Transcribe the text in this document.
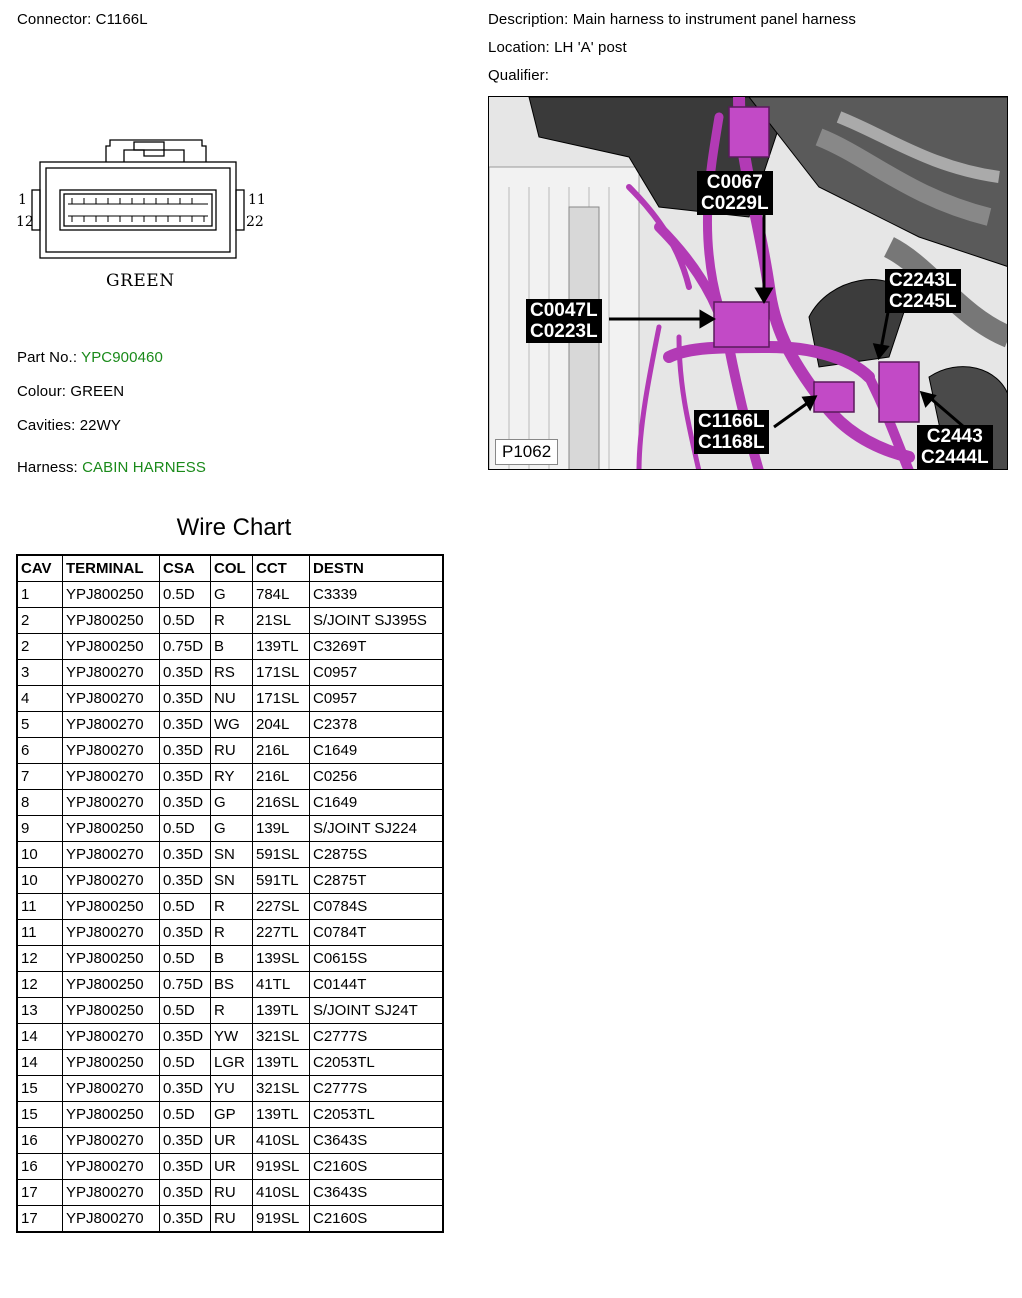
Connector: C1166L	Description: Main harness to instrument panel harness
Location: LH 'A' post
Qualifier:
1
12
11
22
GREEN
Part No.: YPC900460
Colour: GREEN
Cavities: 22WY
Harness: CABIN HARNESS
C0067
C0229L
C0047L
C0223L
C2243L
C2245L
C1166L
C1168L	C2443
C2444L
P1062
Wire Chart
CAV	TERMINAL	CSA	COL	CCT	DESTN
1	YPJ800250	0.5D	G	784L	C3339
2	YPJ800250	0.5D	R	21SL	S/JOINT SJ395S
2	YPJ800250	0.75D	B	139TL	C3269T
3	YPJ800270	0.35D	RS	171SL	C0957
4	YPJ800270	0.35D	NU	171SL	C0957
5	YPJ800270	0.35D	WG	204L	C2378
6	YPJ800270	0.35D	RU	216L	C1649
7	YPJ800270	0.35D	RY	216L	C0256
8	YPJ800270	0.35D	G	216SL	C1649
9	YPJ800250	0.5D	G	139L	S/JOINT SJ224
10	YPJ800270	0.35D	SN	591SL	C2875S
10	YPJ800270	0.35D	SN	591TL	C2875T
11	YPJ800250	0.5D	R	227SL	C0784S
11	YPJ800270	0.35D	R	227TL	C0784T
12	YPJ800250	0.5D	B	139SL	C0615S
12	YPJ800250	0.75D	BS	41TL	C0144T
13	YPJ800250	0.5D	R	139TL	S/JOINT SJ24T
14	YPJ800270	0.35D	YW	321SL	C2777S
14	YPJ800250	0.5D	LGR	139TL	C2053TL
15	YPJ800270	0.35D	YU	321SL	C2777S
15	YPJ800250	0.5D	GP	139TL	C2053TL
16	YPJ800270	0.35D	UR	410SL	C3643S
16	YPJ800270	0.35D	UR	919SL	C2160S
17	YPJ800270	0.35D	RU	410SL	C3643S
17	YPJ800270	0.35D	RU	919SL	C2160S
